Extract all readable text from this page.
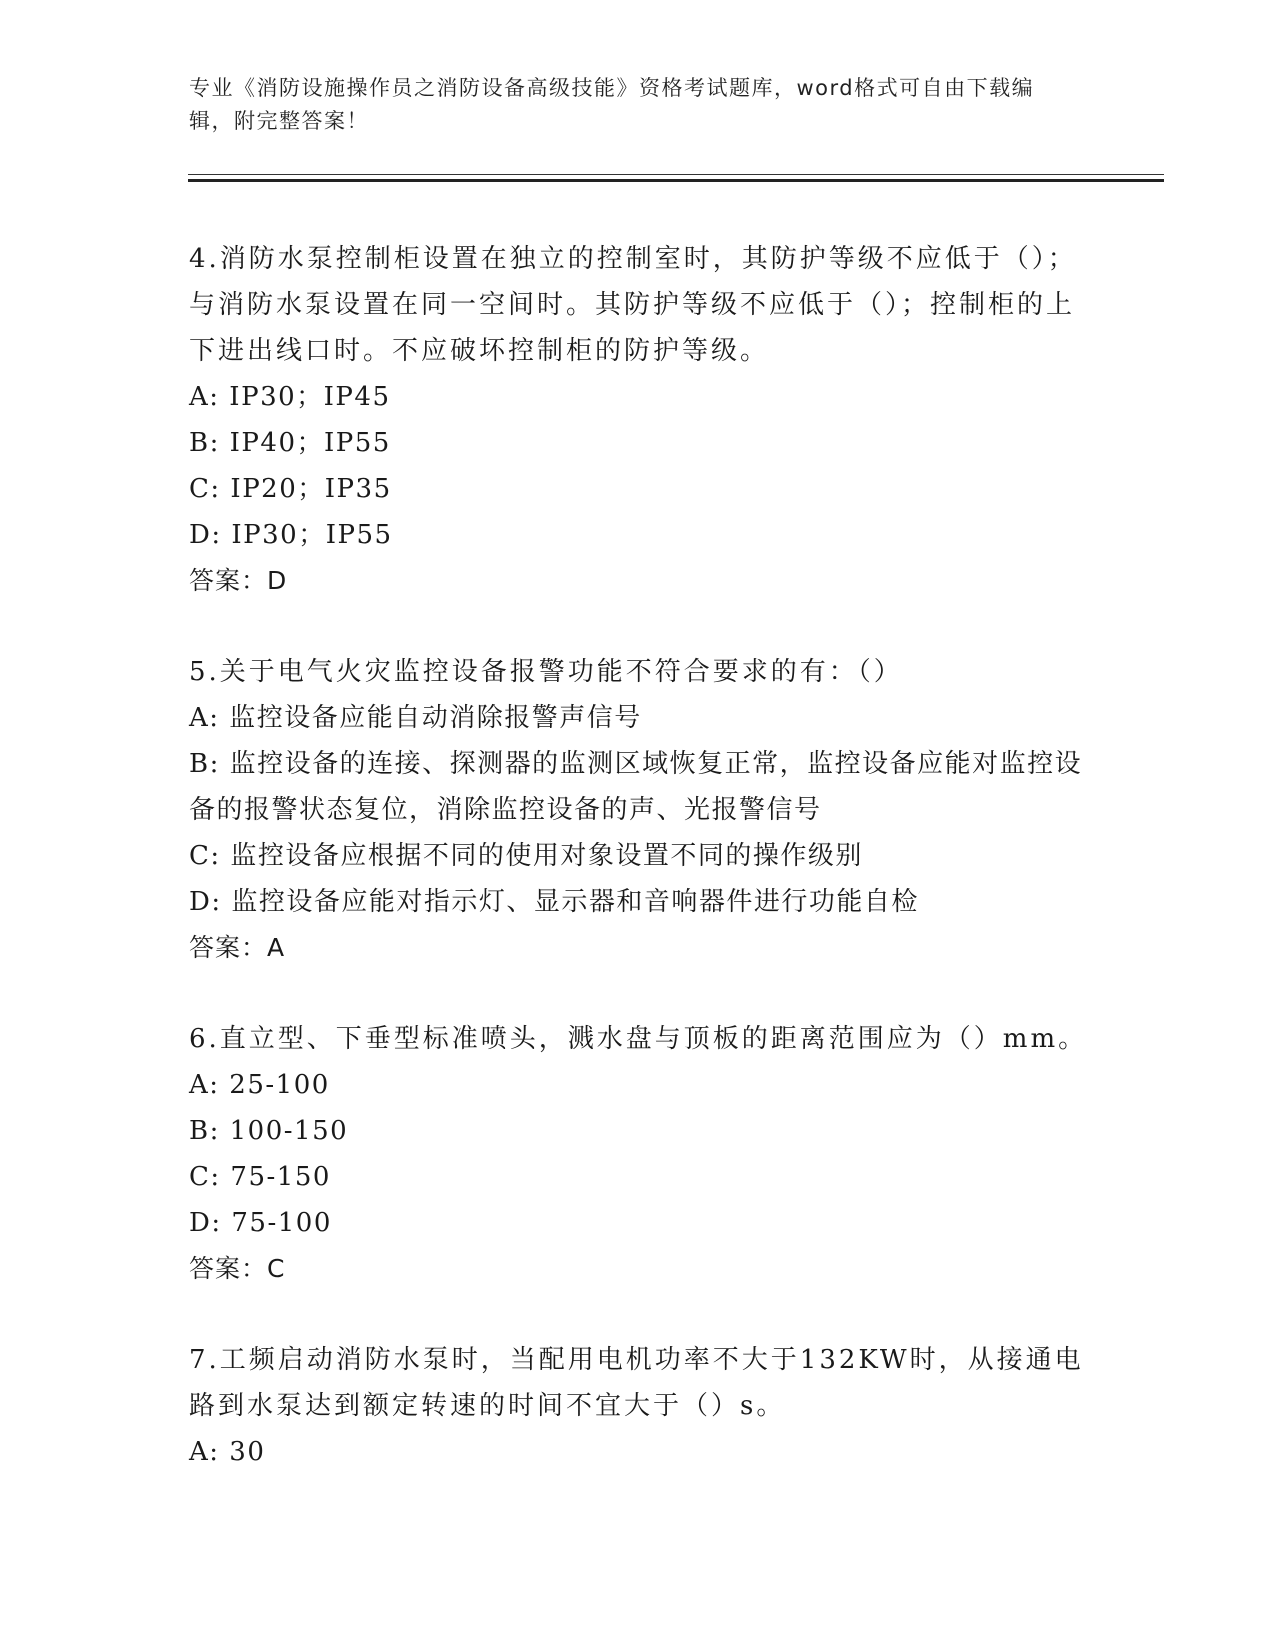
专业《消防设施操作员之消防设备高级技能》资格考试题库，word格式可自由下载编辑，附完整答案！

4.消防水泵控制柜设置在独立的控制室时，其防护等级不应低于（）；与消防水泵设置在同一空间时。其防护等级不应低于（）；控制柜的上下进出线口时。不应破坏控制柜的防护等级。

A: IP30；IP45

B: IP40；IP55

C: IP20；IP35

D: IP30；IP55

答案：D

5.关于电气火灾监控设备报警功能不符合要求的有：（）

A: 监控设备应能自动消除报警声信号

B: 监控设备的连接、探测器的监测区域恢复正常，监控设备应能对监控设备的报警状态复位，消除监控设备的声、光报警信号

C: 监控设备应根据不同的使用对象设置不同的操作级别

D: 监控设备应能对指示灯、显示器和音响器件进行功能自检

答案：A

6.直立型、下垂型标准喷头，溅水盘与顶板的距离范围应为（）mm。

A: 25-100

B: 100-150

C: 75-150

D: 75-100

答案：C

7.工频启动消防水泵时，当配用电机功率不大于132KW时，从接通电路到水泵达到额定转速的时间不宜大于（）s。

A: 30
